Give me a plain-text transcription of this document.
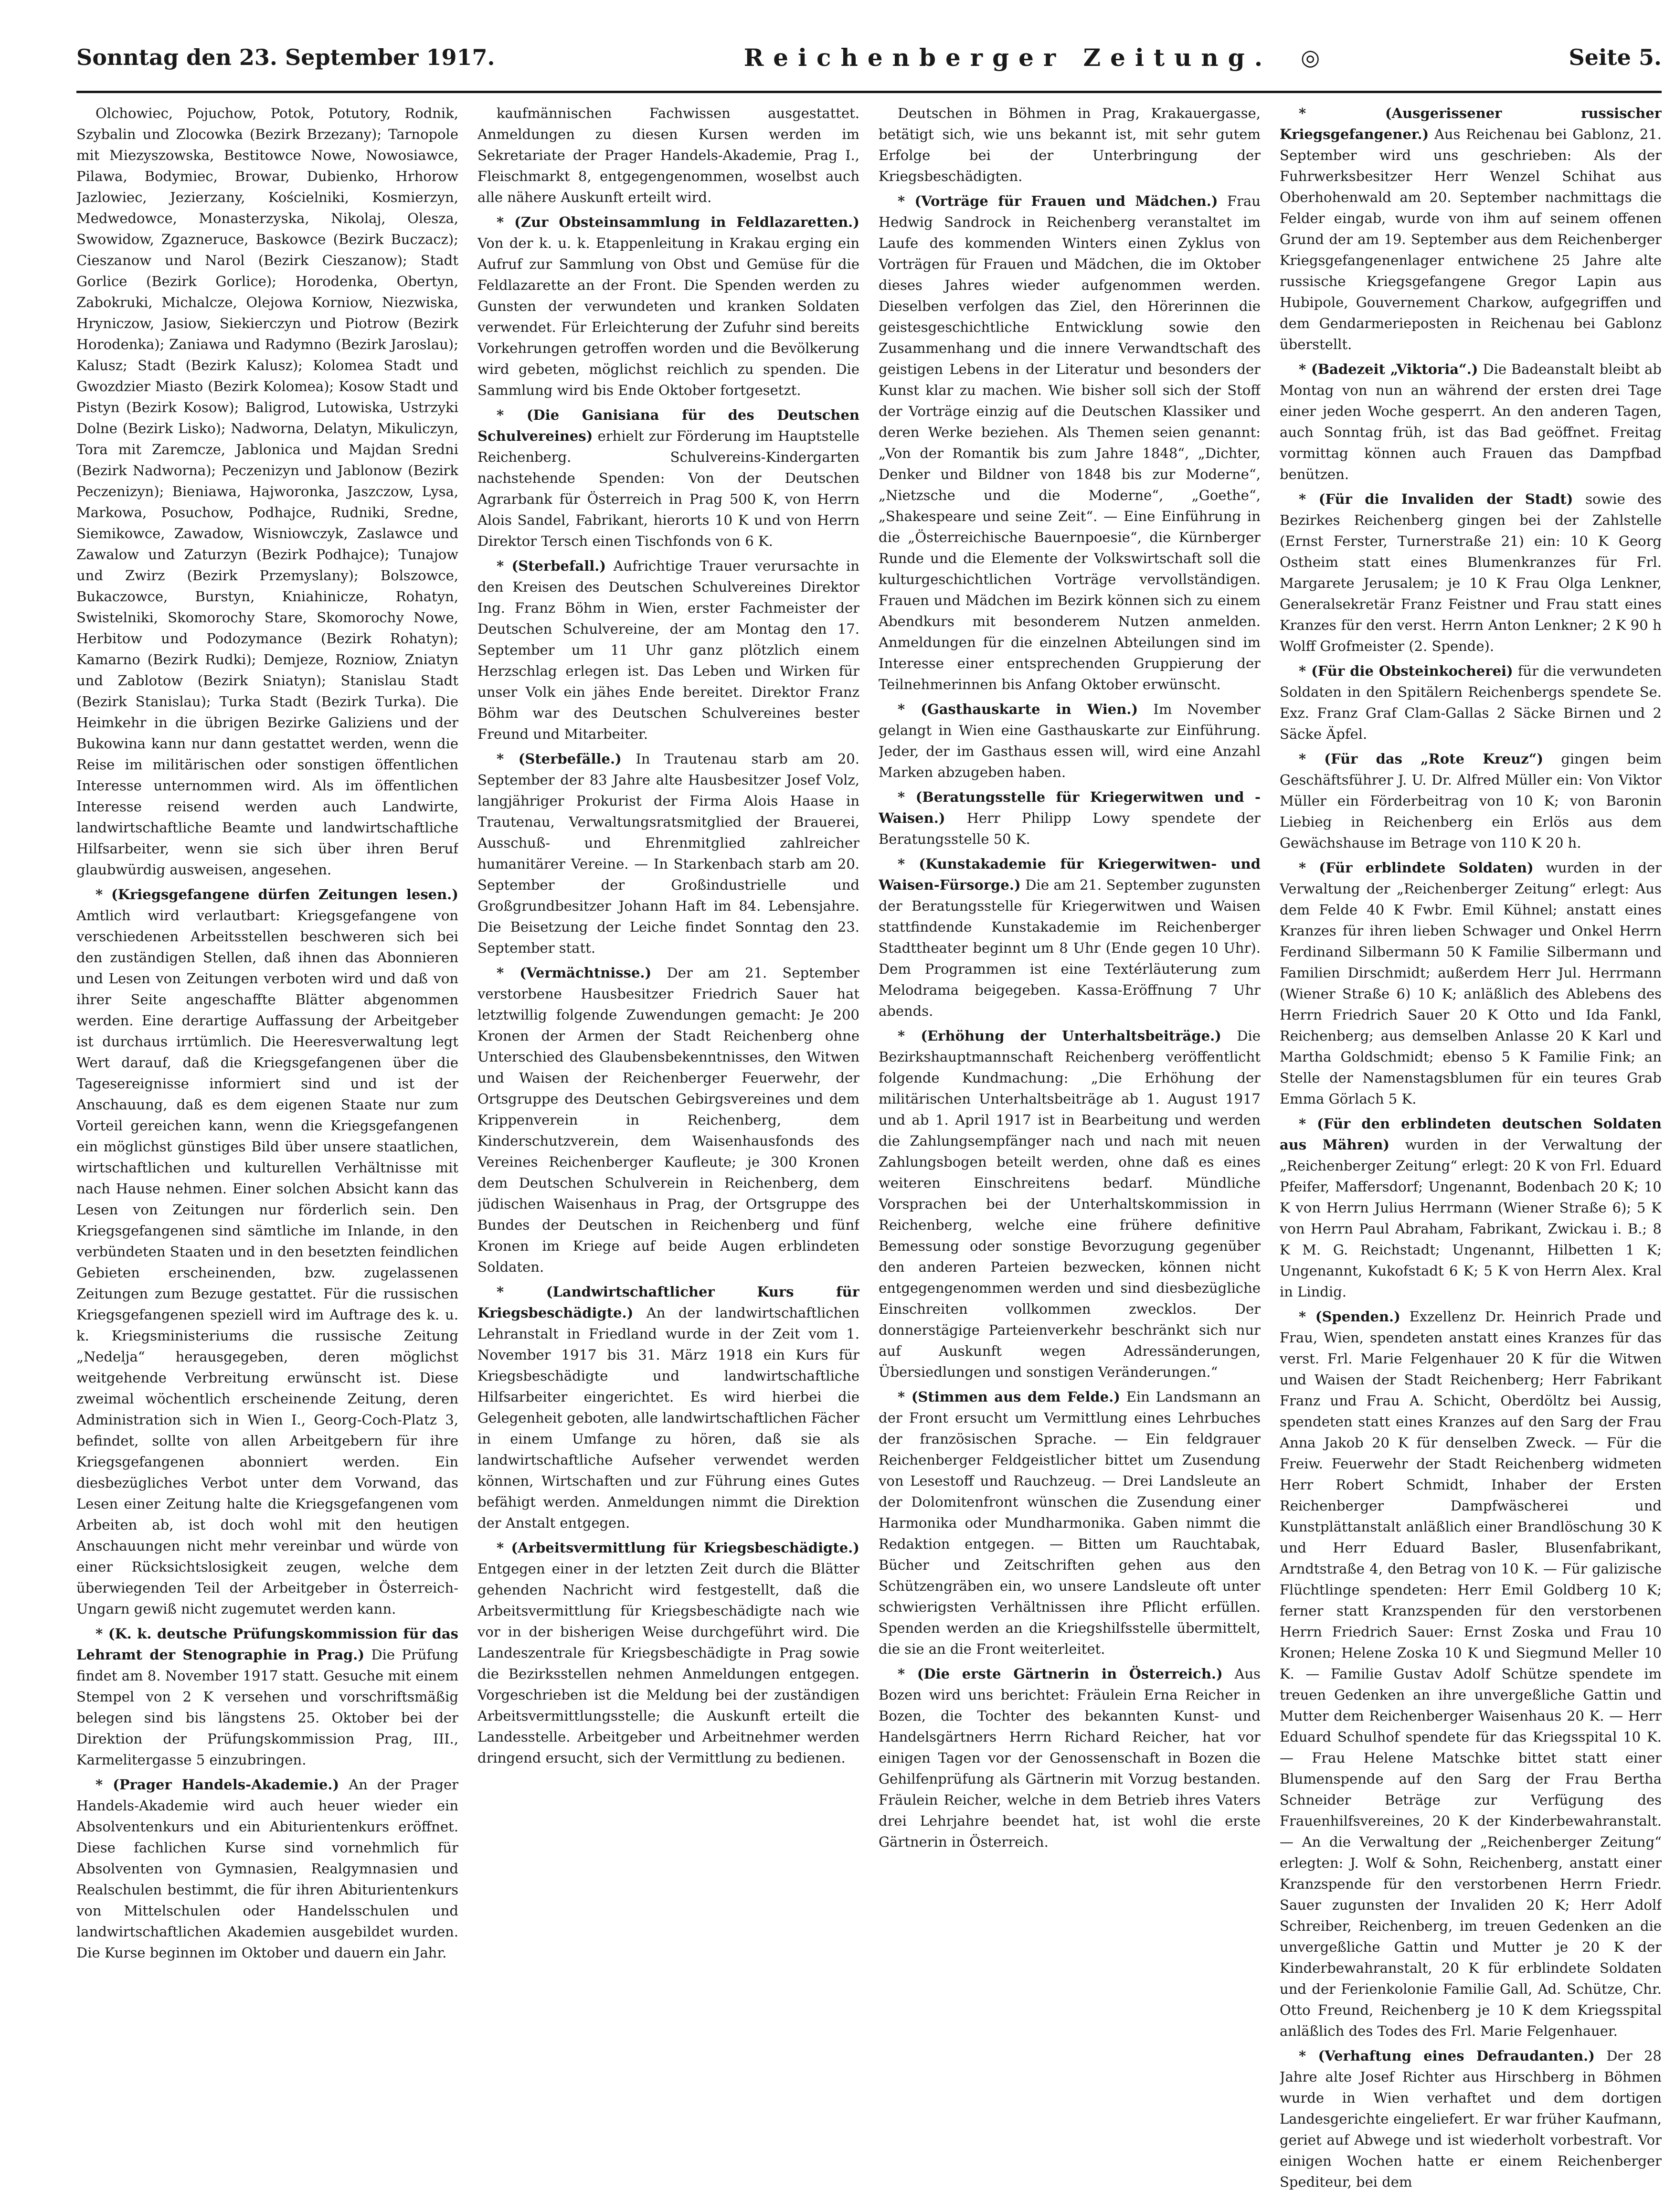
Sonntag den 23. September 1917.	Reichenberger Zeitung. ◎	Seite 5.

Olchowiec, Pojuchow, Potok, Potutory, Rodnik, Szybalin und Zlocowka (Bezirk Brzezany); Tarnopole mit Miezyszowska, Bestitowce Nowe, Nowosiawce, Pilawa, Bodymiec, Browar, Dubienko, Hrhorow Jazlowiec, Jezierzany, Kościelniki, Kosmierzyn, Medwedowce, Monasterzyska, Nikolaj, Olesza, Swowidow, Zgazneruce, Baskowce (Bezirk Buczacz); Cieszanow und Narol (Bezirk Cieszanow); Stadt Gorlice (Bezirk Gorlice); Horodenka, Obertyn, Zabokruki, Michalcze, Olejowa Korniow, Niezwiska, Hryniczow, Jasiow, Siekierczyn und Piotrow (Bezirk Horodenka); Zaniawa und Radymno (Bezirk Jaroslau); Kalusz; Stadt (Bezirk Kalusz); Kolomea Stadt und Gwozdzier Miasto (Bezirk Kolomea); Kosow Stadt und Pistyn (Bezirk Kosow); Baligrod, Lutowiska, Ustrzyki Dolne (Bezirk Lisko); Nadworna, Delatyn, Mikuliczyn, Tora mit Zaremcze, Jablonica und Majdan Sredni (Bezirk Nadworna); Peczenizyn und Jablonow (Bezirk Peczenizyn); Bieniawa, Hajworonka, Jaszczow, Lysa, Markowa, Posuchow, Podhajce, Rudniki, Sredne, Siemikowce, Zawadow, Wisniowczyk, Zaslawce und Zawalow und Zaturzyn (Bezirk Podhajce); Tunajow und Zwirz (Bezirk Przemyslany); Bolszowce, Bukaczowce, Burstyn, Kniahinicze, Rohatyn, Swistelniki, Skomorochy Stare, Skomorochy Nowe, Herbitow und Podozymance (Bezirk Rohatyn); Kamarno (Bezirk Rudki); Demjeze, Rozniow, Zniatyn und Zablotow (Bezirk Sniatyn); Stanislau Stadt (Bezirk Stanislau); Turka Stadt (Bezirk Turka). Die Heimkehr in die übrigen Bezirke Galiziens und der Bukowina kann nur dann gestattet werden, wenn die Reise im militärischen oder sonstigen öffentlichen Interesse unternommen wird. Als im öffentlichen Interesse reisend werden auch Landwirte, landwirtschaftliche Beamte und landwirtschaftliche Hilfsarbeiter, wenn sie sich über ihren Beruf glaubwürdig ausweisen, angesehen.

* (Kriegsgefangene dürfen Zeitungen lesen.) Amtlich wird verlautbart: Kriegsgefangene von verschiedenen Arbeitsstellen beschweren sich bei den zuständigen Stellen, daß ihnen das Abonnieren und Lesen von Zeitungen verboten wird und daß von ihrer Seite angeschaffte Blätter abgenommen werden. Eine derartige Auffassung der Arbeitgeber ist durchaus irrtümlich. Die Heeresverwaltung legt Wert darauf, daß die Kriegsgefangenen über die Tagesereignisse informiert sind und ist der Anschauung, daß es dem eigenen Staate nur zum Vorteil gereichen kann, wenn die Kriegsgefangenen ein möglichst günstiges Bild über unsere staatlichen, wirtschaftlichen und kulturellen Verhältnisse mit nach Hause nehmen. Einer solchen Absicht kann das Lesen von Zeitungen nur förderlich sein. Den Kriegsgefangenen sind sämtliche im Inlande, in den verbündeten Staaten und in den besetzten feindlichen Gebieten erscheinenden, bzw. zugelassenen Zeitungen zum Bezuge gestattet. Für die russischen Kriegsgefangenen speziell wird im Auftrage des k. u. k. Kriegsministeriums die russische Zeitung „Nedelja“ herausgegeben, deren möglichst weitgehende Verbreitung erwünscht ist. Diese zweimal wöchentlich erscheinende Zeitung, deren Administration sich in Wien I., Georg-Coch-Platz 3, befindet, sollte von allen Arbeitgebern für ihre Kriegsgefangenen abonniert werden. Ein diesbezügliches Verbot unter dem Vorwand, das Lesen einer Zeitung halte die Kriegsgefangenen vom Arbeiten ab, ist doch wohl mit den heutigen Anschauungen nicht mehr vereinbar und würde von einer Rücksichtslosigkeit zeugen, welche dem überwiegenden Teil der Arbeitgeber in Österreich-Ungarn gewiß nicht zugemutet werden kann.

* (K. k. deutsche Prüfungskommission für das Lehramt der Stenographie in Prag.) Die Prüfung findet am 8. November 1917 statt. Gesuche mit einem Stempel von 2 K versehen und vorschriftsmäßig belegen sind bis längstens 25. Oktober bei der Direktion der Prüfungskommission Prag, III., Karmelitergasse 5 einzubringen.

* (Prager Handels-Akademie.) An der Prager Handels-Akademie wird auch heuer wieder ein Absolventenkurs und ein Abiturientenkurs eröffnet. Diese fachlichen Kurse sind vornehmlich für Absolventen von Gymnasien, Realgymnasien und Realschulen bestimmt, die für ihren Abiturientenkurs von Mittelschulen oder Handelsschulen und landwirtschaftlichen Akademien ausgebildet wurden. Die Kurse beginnen im Oktober und dauern ein Jahr.

kaufmännischen Fachwissen ausgestattet. Anmeldungen zu diesen Kursen werden im Sekretariate der Prager Handels-Akademie, Prag I., Fleischmarkt 8, entgegengenommen, woselbst auch alle nähere Auskunft erteilt wird.

* (Zur Obsteinsammlung in Feldlazaretten.) Von der k. u. k. Etappenleitung in Krakau erging ein Aufruf zur Sammlung von Obst und Gemüse für die Feldlazarette an der Front. Die Spenden werden zu Gunsten der verwundeten und kranken Soldaten verwendet. Für Erleichterung der Zufuhr sind bereits Vorkehrungen getroffen worden und die Bevölkerung wird gebeten, möglichst reichlich zu spenden. Die Sammlung wird bis Ende Oktober fortgesetzt.

* (Die Ganisiana für des Deutschen Schulvereines) erhielt zur Förderung im Hauptstelle Reichenberg. Schulvereins-Kindergarten nachstehende Spenden: Von der Deutschen Agrarbank für Österreich in Prag 500 K, von Herrn Alois Sandel, Fabrikant, hierorts 10 K und von Herrn Direktor Tersch einen Tischfonds von 6 K.

* (Sterbefall.) Aufrichtige Trauer verursachte in den Kreisen des Deutschen Schulvereines Direktor Ing. Franz Böhm in Wien, erster Fachmeister der Deutschen Schulvereine, der am Montag den 17. September um 11 Uhr ganz plötzlich einem Herzschlag erlegen ist. Das Leben und Wirken für unser Volk ein jähes Ende bereitet. Direktor Franz Böhm war des Deutschen Schulvereines bester Freund und Mitarbeiter.

* (Sterbefälle.) In Trautenau starb am 20. September der 83 Jahre alte Hausbesitzer Josef Volz, langjähriger Prokurist der Firma Alois Haase in Trautenau, Verwaltungsratsmitglied der Brauerei, Ausschuß- und Ehrenmitglied zahlreicher humanitärer Vereine. — In Starkenbach starb am 20. September der Großindustrielle und Großgrundbesitzer Johann Haft im 84. Lebensjahre. Die Beisetzung der Leiche findet Sonntag den 23. September statt.

* (Vermächtnisse.) Der am 21. September verstorbene Hausbesitzer Friedrich Sauer hat letztwillig folgende Zuwendungen gemacht: Je 200 Kronen der Armen der Stadt Reichenberg ohne Unterschied des Glaubensbekenntnisses, den Witwen und Waisen der Reichenberger Feuerwehr, der Ortsgruppe des Deutschen Gebirgsvereines und dem Krippenverein in Reichenberg, dem Kinderschutzverein, dem Waisenhausfonds des Vereines Reichenberger Kaufleute; je 300 Kronen dem Deutschen Schulverein in Reichenberg, dem jüdischen Waisenhaus in Prag, der Ortsgruppe des Bundes der Deutschen in Reichenberg und fünf Kronen im Kriege auf beide Augen erblindeten Soldaten.

* (Landwirtschaftlicher Kurs für Kriegsbeschädigte.) An der landwirtschaftlichen Lehranstalt in Friedland wurde in der Zeit vom 1. November 1917 bis 31. März 1918 ein Kurs für Kriegsbeschädigte und landwirtschaftliche Hilfsarbeiter eingerichtet. Es wird hierbei die Gelegenheit geboten, alle landwirtschaftlichen Fächer in einem Umfange zu hören, daß sie als landwirtschaftliche Aufseher verwendet werden können, Wirtschaften und zur Führung eines Gutes befähigt werden. Anmeldungen nimmt die Direktion der Anstalt entgegen.

* (Arbeitsvermittlung für Kriegsbeschädigte.) Entgegen einer in der letzten Zeit durch die Blätter gehenden Nachricht wird festgestellt, daß die Arbeitsvermittlung für Kriegsbeschädigte nach wie vor in der bisherigen Weise durchgeführt wird. Die Landeszentrale für Kriegsbeschädigte in Prag sowie die Bezirksstellen nehmen Anmeldungen entgegen. Vorgeschrieben ist die Meldung bei der zuständigen Arbeitsvermittlungsstelle; die Auskunft erteilt die Landesstelle. Arbeitgeber und Arbeitnehmer werden dringend ersucht, sich der Vermittlung zu bedienen.

Deutschen in Böhmen in Prag, Krakauergasse, betätigt sich, wie uns bekannt ist, mit sehr gutem Erfolge bei der Unterbringung der Kriegsbeschädigten.

* (Vorträge für Frauen und Mädchen.) Frau Hedwig Sandrock in Reichenberg veranstaltet im Laufe des kommenden Winters einen Zyklus von Vorträgen für Frauen und Mädchen, die im Oktober dieses Jahres wieder aufgenommen werden. Dieselben verfolgen das Ziel, den Hörerinnen die geistesgeschichtliche Entwicklung sowie den Zusammenhang und die innere Verwandtschaft des geistigen Lebens in der Literatur und besonders der Kunst klar zu machen. Wie bisher soll sich der Stoff der Vorträge einzig auf die Deutschen Klassiker und deren Werke beziehen. Als Themen seien genannt: „Von der Romantik bis zum Jahre 1848“, „Dichter, Denker und Bildner von 1848 bis zur Moderne“, „Nietzsche und die Moderne“, „Goethe“, „Shakespeare und seine Zeit“. — Eine Einführung in die „Österreichische Bauernpoesie“, die Kürnberger Runde und die Elemente der Volkswirtschaft soll die kulturgeschichtlichen Vorträge vervollständigen. Frauen und Mädchen im Bezirk können sich zu einem Abendkurs mit besonderem Nutzen anmelden. Anmeldungen für die einzelnen Abteilungen sind im Interesse einer entsprechenden Gruppierung der Teilnehmerinnen bis Anfang Oktober erwünscht.

* (Gasthauskarte in Wien.) Im November gelangt in Wien eine Gasthauskarte zur Einführung. Jeder, der im Gasthaus essen will, wird eine Anzahl Marken abzugeben haben.

* (Beratungsstelle für Kriegerwitwen und -Waisen.) Herr Philipp Lowy spendete der Beratungsstelle 50 K.

* (Kunstakademie für Kriegerwitwen- und Waisen-Fürsorge.) Die am 21. September zugunsten der Beratungsstelle für Kriegerwitwen und Waisen stattfindende Kunstakademie im Reichenberger Stadttheater beginnt um 8 Uhr (Ende gegen 10 Uhr). Dem Programmen ist eine Textérläuterung zum Melodrama beigegeben. Kassa-Eröffnung 7 Uhr abends.

* (Erhöhung der Unterhaltsbeiträge.) Die Bezirkshauptmannschaft Reichenberg veröffentlicht folgende Kundmachung: „Die Erhöhung der militärischen Unterhaltsbeiträge ab 1. August 1917 und ab 1. April 1917 ist in Bearbeitung und werden die Zahlungsempfänger nach und nach mit neuen Zahlungsbogen beteilt werden, ohne daß es eines weiteren Einschreitens bedarf. Mündliche Vorsprachen bei der Unterhaltskommission in Reichenberg, welche eine frühere definitive Bemessung oder sonstige Bevorzugung gegenüber den anderen Parteien bezwecken, können nicht entgegengenommen werden und sind diesbezügliche Einschreiten vollkommen zwecklos. Der donnerstägige Parteienverkehr beschränkt sich nur auf Auskunft wegen Adressänderungen, Übersiedlungen und sonstigen Veränderungen.“

* (Stimmen aus dem Felde.) Ein Landsmann an der Front ersucht um Vermittlung eines Lehrbuches der französischen Sprache. — Ein feldgrauer Reichenberger Feldgeistlicher bittet um Zusendung von Lesestoff und Rauchzeug. — Drei Landsleute an der Dolomitenfront wünschen die Zusendung einer Harmonika oder Mundharmonika. Gaben nimmt die Redaktion entgegen. — Bitten um Rauchtabak, Bücher und Zeitschriften gehen aus den Schützengräben ein, wo unsere Landsleute oft unter schwierigsten Verhältnissen ihre Pflicht erfüllen. Spenden werden an die Kriegshilfsstelle übermittelt, die sie an die Front weiterleitet.

* (Die erste Gärtnerin in Österreich.) Aus Bozen wird uns berichtet: Fräulein Erna Reicher in Bozen, die Tochter des bekannten Kunst- und Handelsgärtners Herrn Richard Reicher, hat vor einigen Tagen vor der Genossenschaft in Bozen die Gehilfenprüfung als Gärtnerin mit Vorzug bestanden. Fräulein Reicher, welche in dem Betrieb ihres Vaters drei Lehrjahre beendet hat, ist wohl die erste Gärtnerin in Österreich.

* (Ausgerissener russischer Kriegsgefangener.) Aus Reichenau bei Gablonz, 21. September wird uns geschrieben: Als der Fuhrwerksbesitzer Herr Wenzel Schihat aus Oberhohenwald am 20. September nachmittags die Felder eingab, wurde von ihm auf seinem offenen Grund der am 19. September aus dem Reichenberger Kriegsgefangenenlager entwichene 25 Jahre alte russische Kriegsgefangene Gregor Lapin aus Hubipole, Gouvernement Charkow, aufgegriffen und dem Gendarmerieposten in Reichenau bei Gablonz überstellt.

* (Badezeit „Viktoria“.) Die Badeanstalt bleibt ab Montag von nun an während der ersten drei Tage einer jeden Woche gesperrt. An den anderen Tagen, auch Sonntag früh, ist das Bad geöffnet. Freitag vormittag können auch Frauen das Dampfbad benützen.

* (Für die Invaliden der Stadt) sowie des Bezirkes Reichenberg gingen bei der Zahlstelle (Ernst Ferster, Turnerstraße 21) ein: 10 K Georg Ostheim statt eines Blumenkranzes für Frl. Margarete Jerusalem; je 10 K Frau Olga Lenkner, Generalsekretär Franz Feistner und Frau statt eines Kranzes für den verst. Herrn Anton Lenkner; 2 K 90 h Wolff Grofmeister (2. Spende).

* (Für die Obsteinkocherei) für die verwundeten Soldaten in den Spitälern Reichenbergs spendete Se. Exz. Franz Graf Clam-Gallas 2 Säcke Birnen und 2 Säcke Äpfel.

* (Für das „Rote Kreuz“) gingen beim Geschäftsführer J. U. Dr. Alfred Müller ein: Von Viktor Müller ein Förderbeitrag von 10 K; von Baronin Liebieg in Reichenberg ein Erlös aus dem Gewächshause im Betrage von 110 K 20 h.

* (Für erblindete Soldaten) wurden in der Verwaltung der „Reichenberger Zeitung“ erlegt: Aus dem Felde 40 K Fwbr. Emil Kühnel; anstatt eines Kranzes für ihren lieben Schwager und Onkel Herrn Ferdinand Silbermann 50 K Familie Silbermann und Familien Dirschmidt; außerdem Herr Jul. Herrmann (Wiener Straße 6) 10 K; anläßlich des Ablebens des Herrn Friedrich Sauer 20 K Otto und Ida Fankl, Reichenberg; aus demselben Anlasse 20 K Karl und Martha Goldschmidt; ebenso 5 K Familie Fink; an Stelle der Namenstagsblumen für ein teures Grab Emma Görlach 5 K.

* (Für den erblindeten deutschen Soldaten aus Mähren) wurden in der Verwaltung der „Reichenberger Zeitung“ erlegt: 20 K von Frl. Eduard Pfeifer, Maffersdorf; Ungenannt, Bodenbach 20 K; 10 K von Herrn Julius Herrmann (Wiener Straße 6); 5 K von Herrn Paul Abraham, Fabrikant, Zwickau i. B.; 8 K M. G. Reichstadt; Ungenannt, Hilbetten 1 K; Ungenannt, Kukofstadt 6 K; 5 K von Herrn Alex. Kral in Lindig.

* (Spenden.) Exzellenz Dr. Heinrich Prade und Frau, Wien, spendeten anstatt eines Kranzes für das verst. Frl. Marie Felgenhauer 20 K für die Witwen und Waisen der Stadt Reichenberg; Herr Fabrikant Franz und Frau A. Schicht, Oberdöltz bei Aussig, spendeten statt eines Kranzes auf den Sarg der Frau Anna Jakob 20 K für denselben Zweck. — Für die Freiw. Feuerwehr der Stadt Reichenberg widmeten Herr Robert Schmidt, Inhaber der Ersten Reichenberger Dampfwäscherei und Kunstplättanstalt anläßlich einer Brandlöschung 30 K und Herr Eduard Basler, Blusenfabrikant, Arndtstraße 4, den Betrag von 10 K. — Für galizische Flüchtlinge spendeten: Herr Emil Goldberg 10 K; ferner statt Kranzspenden für den verstorbenen Herrn Friedrich Sauer: Ernst Zoska und Frau 10 Kronen; Helene Zoska 10 K und Siegmund Meller 10 K. — Familie Gustav Adolf Schütze spendete im treuen Gedenken an ihre unvergeßliche Gattin und Mutter dem Reichenberger Waisenhaus 20 K. — Herr Eduard Schulhof spendete für das Kriegsspital 10 K. — Frau Helene Matschke bittet statt einer Blumenspende auf den Sarg der Frau Bertha Schneider Beträge zur Verfügung des Frauenhilfsvereines, 20 K der Kinderbewahranstalt. — An die Verwaltung der „Reichenberger Zeitung“ erlegten: J. Wolf & Sohn, Reichenberg, anstatt einer Kranzspende für den verstorbenen Herrn Friedr. Sauer zugunsten der Invaliden 20 K; Herr Adolf Schreiber, Reichenberg, im treuen Gedenken an die unvergeßliche Gattin und Mutter je 20 K der Kinderbewahranstalt, 20 K für erblindete Soldaten und der Ferienkolonie Familie Gall, Ad. Schütze, Chr. Otto Freund, Reichenberg je 10 K dem Kriegsspital anläßlich des Todes des Frl. Marie Felgenhauer.

* (Verhaftung eines Defraudanten.) Der 28 Jahre alte Josef Richter aus Hirschberg in Böhmen wurde in Wien verhaftet und dem dortigen Landesgerichte eingeliefert. Er war früher Kaufmann, geriet auf Abwege und ist wiederholt vorbestraft. Vor einigen Wochen hatte er einem Reichenberger Spediteur, bei dem
